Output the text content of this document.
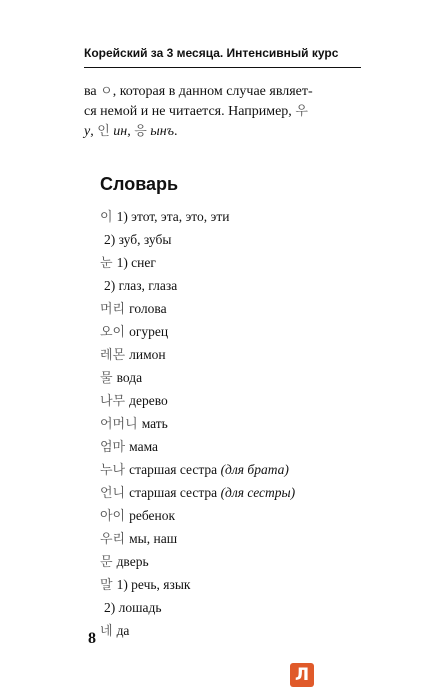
Корейский за 3 месяца. Интенсивный курс
ва ㅇ, которая в данном случае являет-
ся немой и не читается. Например, 우
у, 인 ин, 응 ынъ.
Словарь
이 1) этот, эта, это, эти
2) зуб, зубы
눈 1) снег
2) глаз, глаза
머리 голова
오이 огурец
레몬 лимон
물 вода
나무 дерево
어머니 мать
엄마 мама
누나 старшая сестра (для брата)
언니 старшая сестра (для сестры)
아이 ребенок
우리 мы, наш
문 дверь
말 1) речь, язык
2) лошадь
네 да
8
Л
